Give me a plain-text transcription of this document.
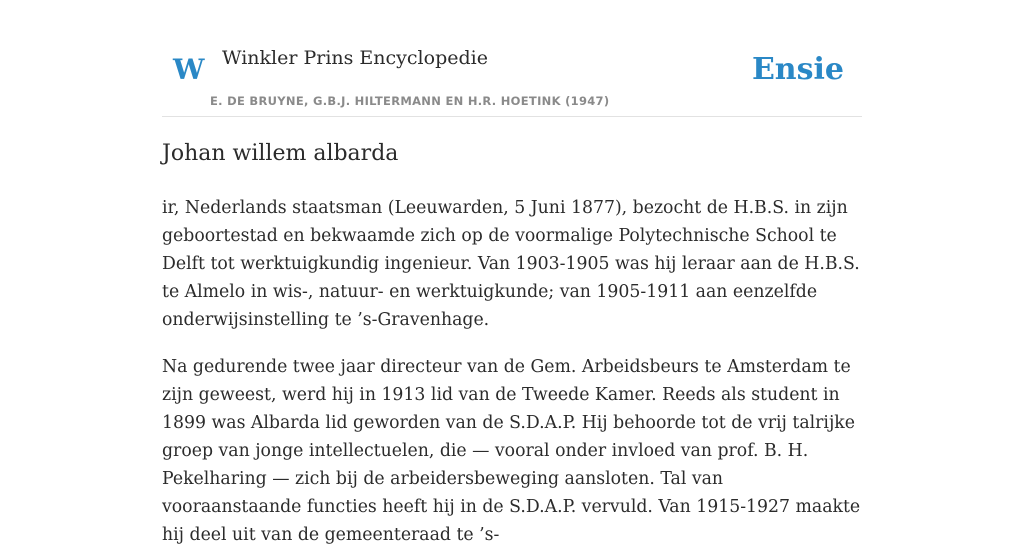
W Winkler Prins Encyclopedie
E. DE BRUYNE, G.B.J. HILTERMANN EN H.R. HOETINK (1947)
Ensie
Johan willem albarda

ir, Nederlands staatsman (Leeuwarden, 5 Juni 1877), bezocht de H.B.S. in zijn geboortestad en bekwaamde zich op de voormalige Polytechnische School te Delft tot werktuigkundig ingenieur. Van 1903-1905 was hij leraar aan de H.B.S. te Almelo in wis-, natuur- en werktuigkunde; van 1905-1911 aan eenzelfde onderwijsinstelling te ’s-Gravenhage.

Na gedurende twee jaar directeur van de Gem. Arbeidsbeurs te Amsterdam te zijn geweest, werd hij in 1913 lid van de Tweede Kamer. Reeds als student in 1899 was Albarda lid geworden van de S.D.A.P. Hij behoorde tot de vrij talrijke groep van jonge intellectuelen, die — vooral onder invloed van prof. B. H. Pekelharing — zich bij de arbeidersbeweging aansloten. Tal van vooraanstaande functies heeft hij in de S.D.A.P. vervuld. Van 1915-1927 maakte hij deel uit van de gemeenteraad te ’s-
